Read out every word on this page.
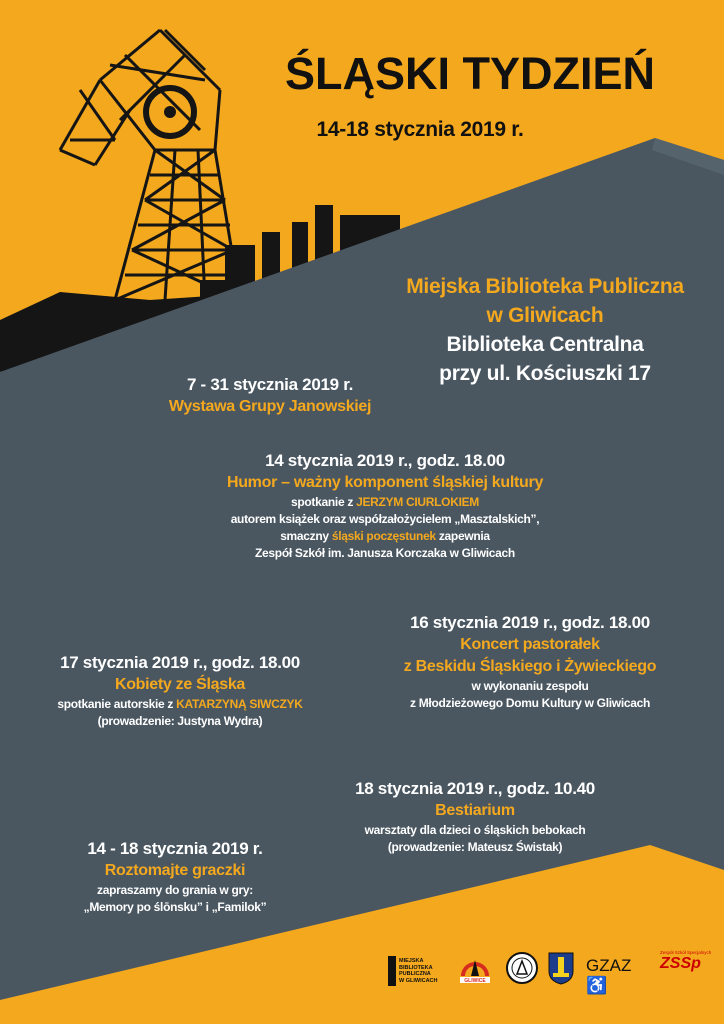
ŚLĄSKI TYDZIEŃ
14-18 stycznia 2019 r.
Miejska Biblioteka Publiczna
w Gliwicach
Biblioteka Centralna
przy ul. Kościuszki 17
7 - 31 stycznia 2019 r.
Wystawa Grupy Janowskiej
14 stycznia 2019 r., godz. 18.00
Humor – ważny komponent śląskiej kultury
spotkanie z JERZYM CIURLOKIEM
autorem książek oraz współzałożycielem „Masztalskich”,
smaczny śląski poczęstunek zapewnia
Zespół Szkół im. Janusza Korczaka w Gliwicach
16 stycznia 2019 r., godz. 18.00
Koncert pastorałek
z Beskidu Śląskiego i Żywieckiego
w wykonaniu zespołu
z Młodzieżowego Domu Kultury w Gliwicach
17 stycznia 2019 r., godz. 18.00
Kobiety ze Śląska
spotkanie autorskie z KATARZYNĄ SIWCZYK
(prowadzenie: Justyna Wydra)
18 stycznia 2019 r., godz. 10.40
Bestiarium
warsztaty dla dzieci o śląskich bebokach
(prowadzenie: Mateusz Świstak)
14 - 18 stycznia 2019 r.
Roztomajte graczki
zapraszamy do grania w gry:
„Memory po ślōnsku” i „Familok”
MIEJSKA
BIBLIOTEKA
PUBLICZNA
W GLIWICACH	GLIWICE
GZAZ♿
Zespół Szkół Specjalnych
ZSSp
